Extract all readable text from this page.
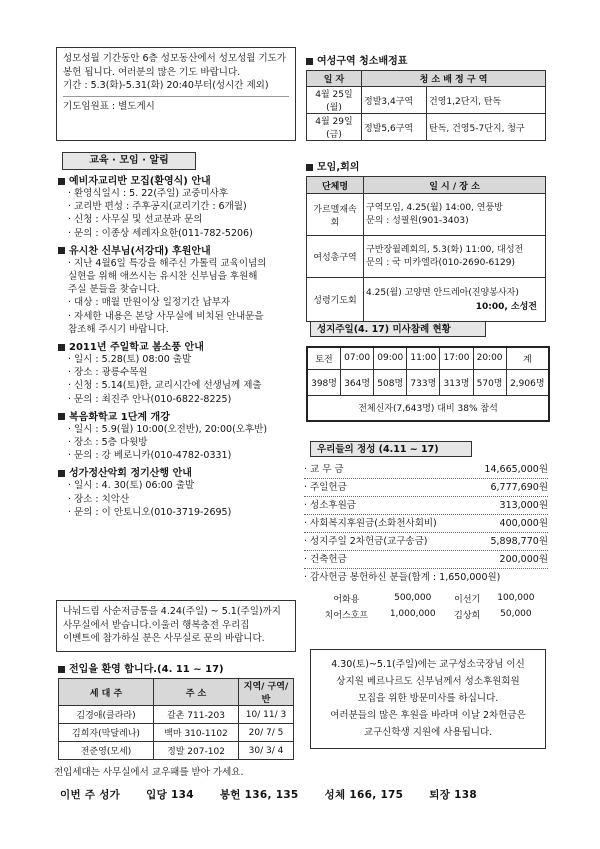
성모성월 기간동안 6층 성모동산에서 성모성월 기도가
봉헌 됩니다. 여러분의 많은 기도 바랍니다.
기간 : 5.3(화)-5.31(화) 20:40부터(성시간 제외)
기도임원표 : 별도게시
교육 · 모임 · 알림
예비자교리반 모집(환영식) 안내
· 환영식일시 : 5. 22(주일) 교중미사후
· 교리반 편성 : 주후공지(교리기간 : 6개월)
· 신청 : 사무실 및 선교분과 문의
· 문의 : 이종상 세레자요한(011-782-5206)
유시찬 신부님(서강대) 후원안내
· 지난 4월6일 특강을 해주신 가톨릭 교육이념의
실현을 위해 애쓰시는 유시찬 신부님을 후원해
주실 분들을 찾습니다.
· 대상 : 매월 만원이상 일정기간 납부자
· 자세한 내용은 본당 사무실에 비치된 안내문을
참조해 주시기 바랍니다.
2011년 주일학교 봄소풍 안내
· 일시 : 5.28(토) 08:00 출발
· 장소 : 광릉수목원
· 신청 : 5.14(토)한, 교리시간에 선생님께 제출
· 문의 : 최진주 안나(010-6822-8225)
복음화학교 1단계 개강
· 일시 : 5.9(월) 10:00(오전반), 20:00(오후반)
· 장소 : 5층 다윗방
· 문의 : 강 베로니카(010-4782-0331)
성가정산악회 정기산행 안내
· 일시 : 4. 30(토) 06:00 출발
· 장소 : 치악산
· 문의 : 이 안토니오(010-3719-2695)
나눠드림 사순저금통을 4.24(주일) ~ 5.1(주일)까지
사무실에서 받습니다.이울러 행복충전 우리집
이벤트에 참가하실 분은 사무실로 문의 바랍니다.
전입을 환영 합니다.(4. 11 ~ 17)
세 대 주	주 소	지역/ 구역/ 반
김경애(클라라)	갈촌 711-203	10/ 11/ 3
김희자(막달레나)	백마 310-1102	20/ 7/ 5
전준영(모세)	정발 207-102	30/ 3/ 4
전입세대는 사무실에서 교우패를 받아 가세요.
여성구역 청소배정표
일 자	청 소 배 정 구 역	
4월 25일(월)	정발3,4구역	건영1,2단지, 탄독
4월 29일(금)	정발5,6구역	탄독, 건영5-7단지, 청구
모임,회의
단체명	일 시 / 장 소
가르멜재속회	구역모임, 4.25(월) 14:00, 연풍방
문의 : 성필원(901-3403)

여성총구역	구반장월례회의, 5.3(화) 11:00, 대성전
문의 : 국 미카엘라(010-2690-6129)

성령기도회	4.25(월) 고양면 안드레아(진양봉사자)
10:00, 소성전
성지주일(4. 17) 미사참례 현황
토전	07:00	09:00	11:00	17:00	20:00	계
398명	364명	508명	733명	313명	570명	2,906명
전체신자(7,643명) 대비 38% 참석						
우리들의 정성 (4.11 ~ 17)
· 교 무 금	14,665,000원
· 주일헌금	6,777,690원
· 성소후원금	313,000원
· 사회복지후원금(소화천사회비)	400,000원
· 성지주일 2차헌금(교구송금)	5,898,770원
· 건축헌금	200,000원
· 감사헌금 봉헌하신 분들(합계 : 1,650,000원)
어화용	500,000	이선기	100,000
치어스호프	1,000,000	김상희	50,000
4.30(토)~5.1(주일)에는 교구성소국장님 이신
상지원 베르나르도 신부님께서 성소후원회원
모집을 위한 방문미사를 하십니다.
여러분들의 많은 후원을 바라며 이날 2차헌금은
교구신학생 지원에 사용됩니다.
이번 주 성가 입당 134 봉헌 136, 135 성체 166, 175 퇴장 138
